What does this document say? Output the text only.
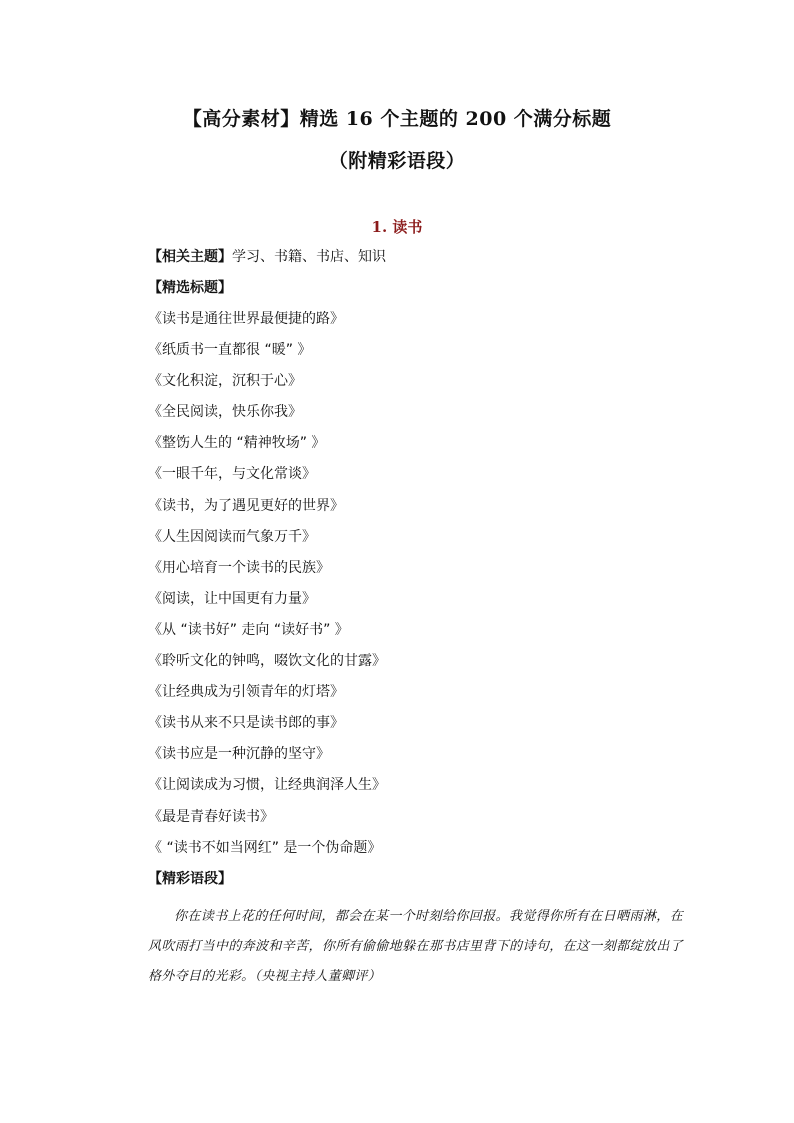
【高分素材】精选 16 个主题的 200 个满分标题
（附精彩语段）
1. 读书
【相关主题】学习、书籍、书店、知识
【精选标题】
《读书是通往世界最便捷的路》
《纸质书一直都很 “暖” 》
《文化积淀，沉积于心》
《全民阅读，快乐你我》
《整饬人生的 “精神牧场” 》
《一眼千年，与文化常谈》
《读书，为了遇见更好的世界》
《人生因阅读而气象万千》
《用心培育一个读书的民族》
《阅读，让中国更有力量》
《从 “读书好” 走向 “读好书” 》
《聆听文化的钟鸣，啜饮文化的甘露》
《让经典成为引领青年的灯塔》
《读书从来不只是读书郎的事》
《读书应是一种沉静的坚守》
《让阅读成为习惯，让经典润泽人生》
《最是青春好读书》
《 “读书不如当网红” 是一个伪命题》
【精彩语段】
你在读书上花的任何时间，都会在某一个时刻给你回报。我觉得你所有在日晒雨淋，在风吹雨打当中的奔波和辛苦，你所有偷偷地躲在那书店里背下的诗句，在这一刻都绽放出了格外夺目的光彩。（央视主持人董卿评）
